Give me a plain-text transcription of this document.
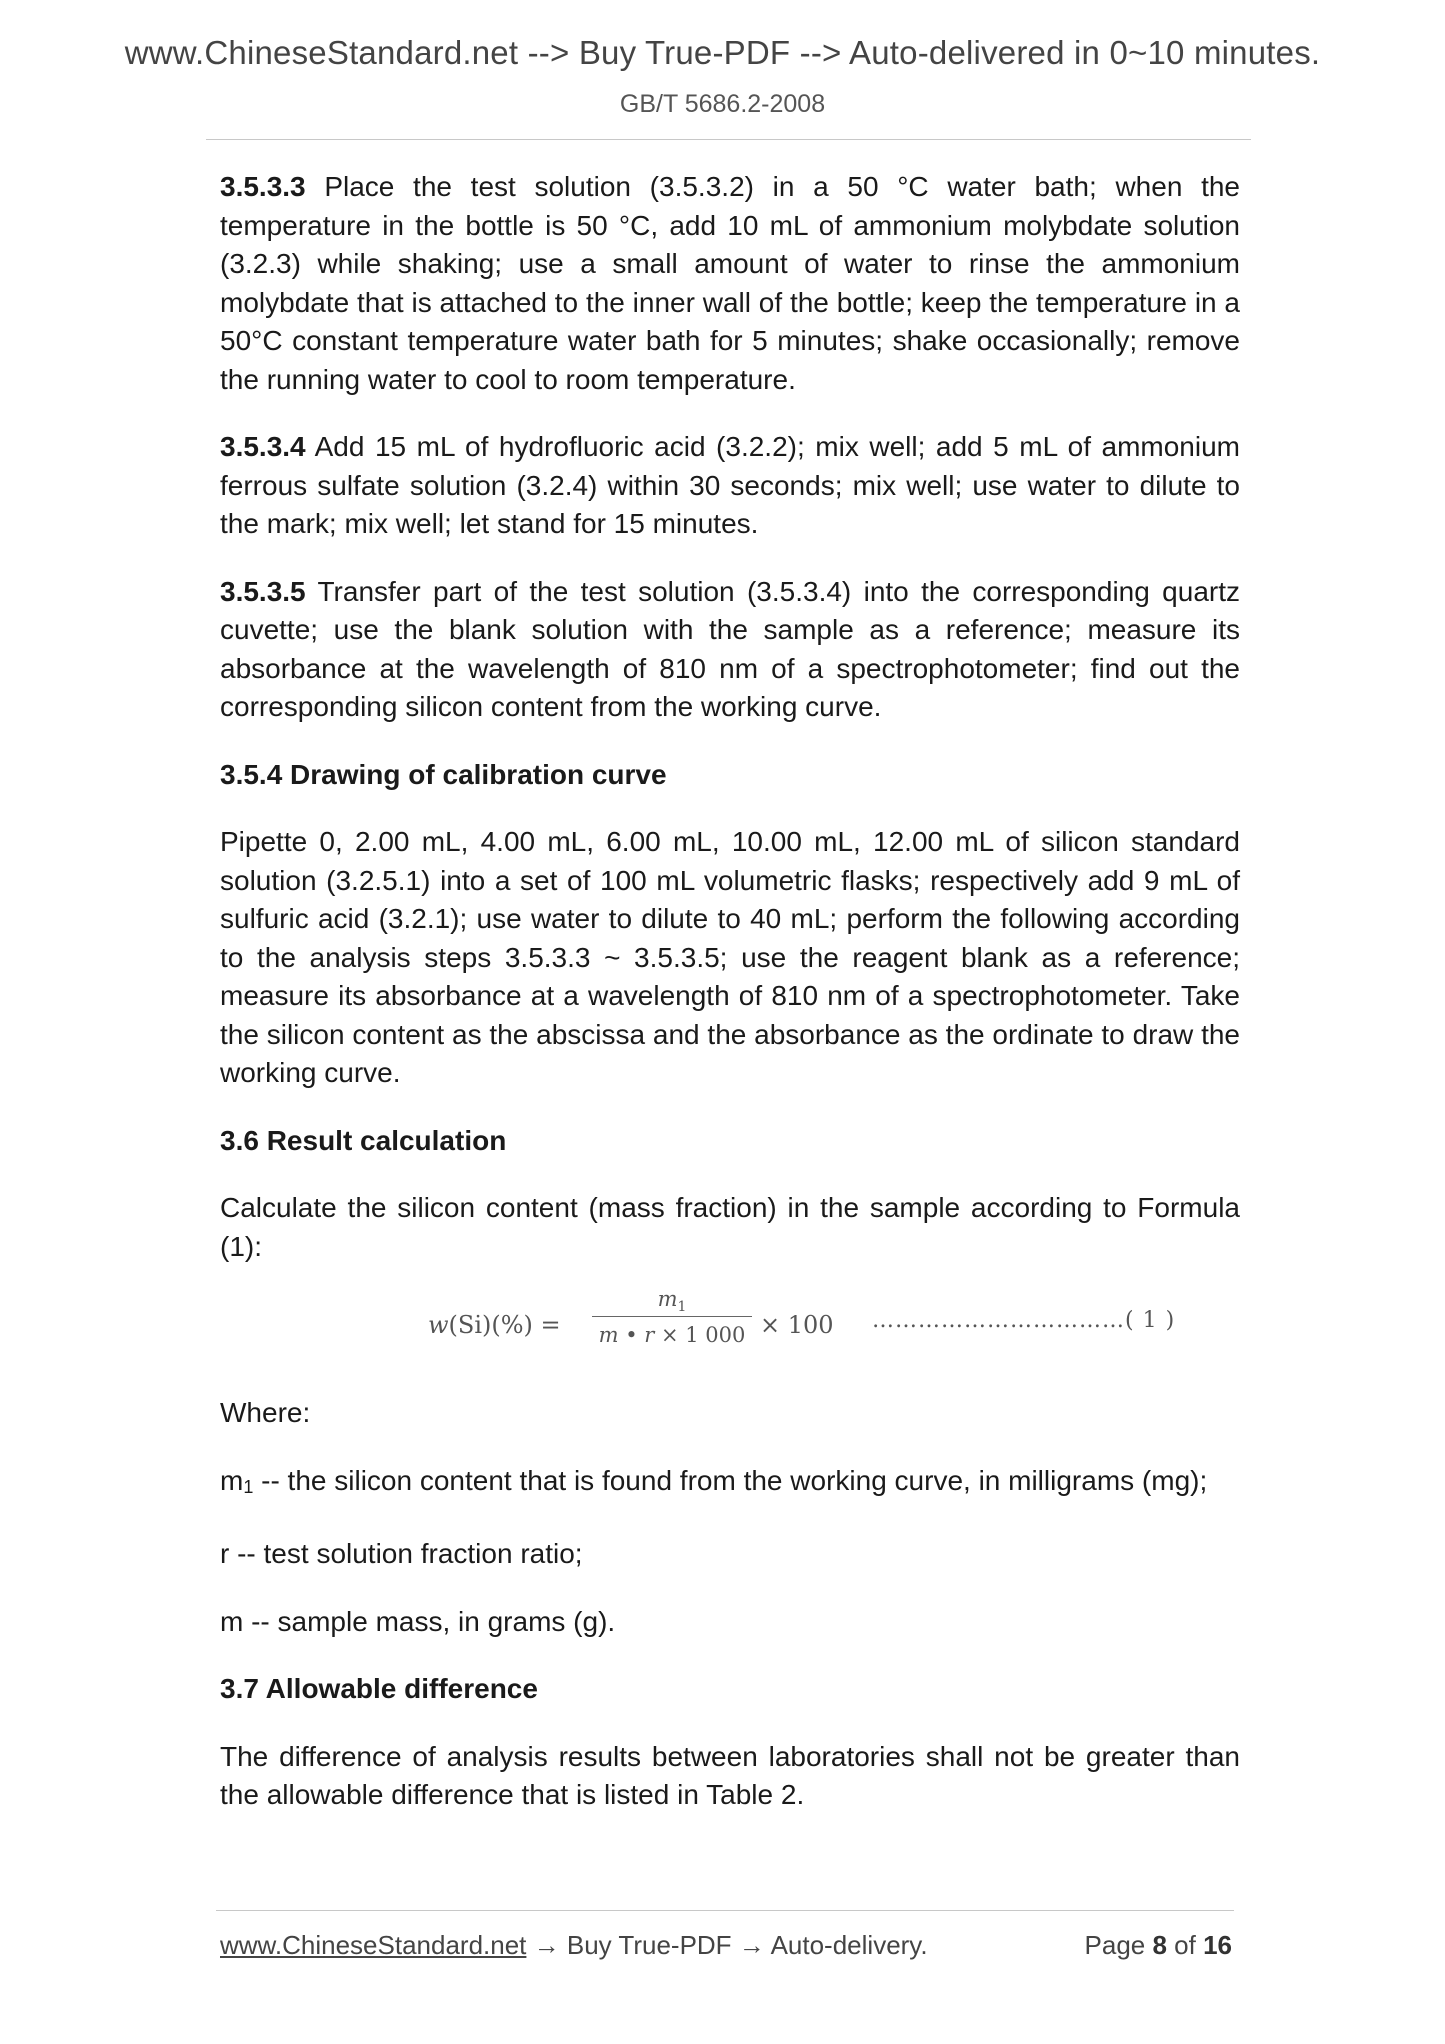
www.ChineseStandard.net --> Buy True-PDF --> Auto-delivered in 0~10 minutes.
GB/T 5686.2-2008

3.5.3.3 Place the test solution (3.5.3.2) in a 50 °C water bath; when the temperature in the bottle is 50 °C, add 10 mL of ammonium molybdate solution (3.2.3) while shaking; use a small amount of water to rinse the ammonium molybdate that is attached to the inner wall of the bottle; keep the temperature in a 50°C constant temperature water bath for 5 minutes; shake occasionally; remove the running water to cool to room temperature.

3.5.3.4 Add 15 mL of hydrofluoric acid (3.2.2); mix well; add 5 mL of ammonium ferrous sulfate solution (3.2.4) within 30 seconds; mix well; use water to dilute to the mark; mix well; let stand for 15 minutes.

3.5.3.5 Transfer part of the test solution (3.5.3.4) into the corresponding quartz cuvette; use the blank solution with the sample as a reference; measure its absorbance at the wavelength of 810 nm of a spectrophotometer; find out the corresponding silicon content from the working curve.

3.5.4 Drawing of calibration curve

Pipette 0, 2.00 mL, 4.00 mL, 6.00 mL, 10.00 mL, 12.00 mL of silicon standard solution (3.2.5.1) into a set of 100 mL volumetric flasks; respectively add 9 mL of sulfuric acid (3.2.1); use water to dilute to 40 mL; perform the following according to the analysis steps 3.5.3.3 ~ 3.5.3.5; use the reagent blank as a reference; measure its absorbance at a wavelength of 810 nm of a spectrophotometer. Take the silicon content as the abscissa and the absorbance as the ordinate to draw the working curve.

3.6 Result calculation

Calculate the silicon content (mass fraction) in the sample according to Formula (1):

w(Si)(%) =
$m_1$
m • r × 1 000 × 100 ……………………………( 1 )

Where:

m1 -- the silicon content that is found from the working curve, in milligrams (mg);

r -- test solution fraction ratio;

m -- sample mass, in grams (g).

3.7 Allowable difference

The difference of analysis results between laboratories shall not be greater than the allowable difference that is listed in Table 2.

www.ChineseStandard.net → Buy True-PDF → Auto-delivery.	Page 8 of 16
